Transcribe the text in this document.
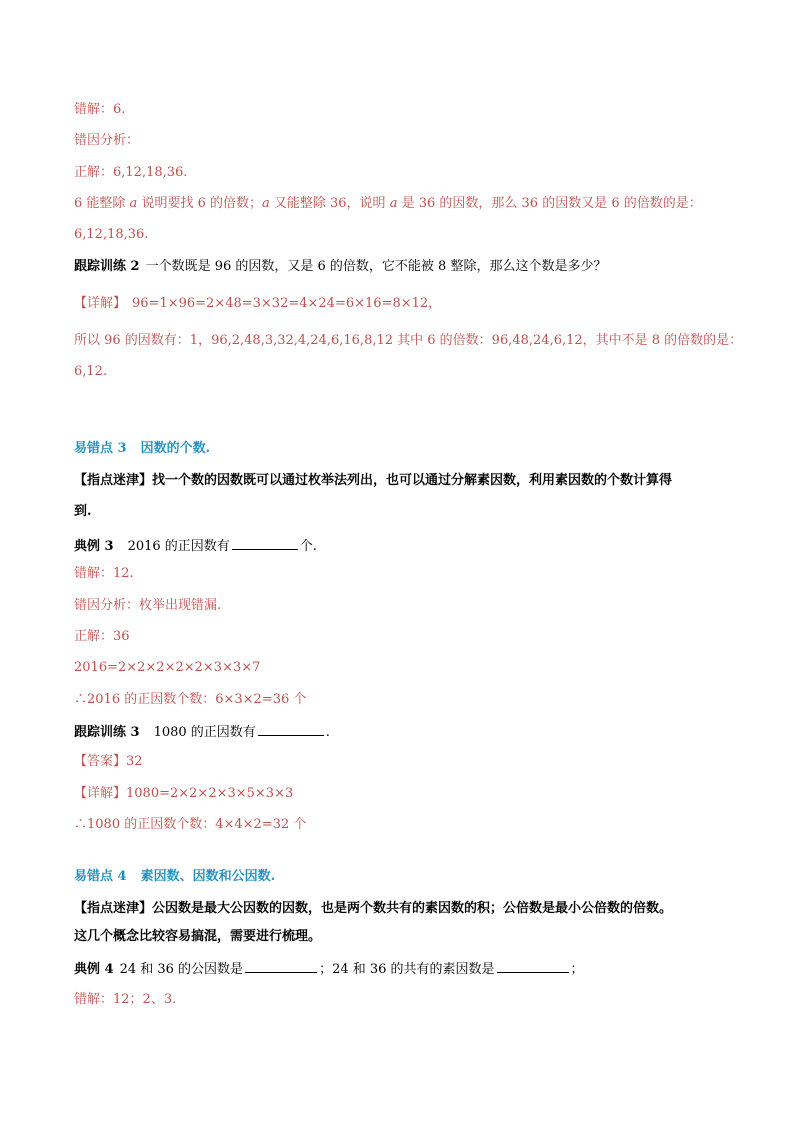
错解：6.
错因分析：
正解：6,12,18,36.
6 能整除 a 说明要找 6 的倍数；a 又能整除 36，说明 a 是 36 的因数，那么 36 的因数又是 6 的倍数的是：
6,12,18,36.
跟踪训练 2 一个数既是 96 的因数，又是 6 的倍数，它不能被 8 整除，那么这个数是多少？
【详解】 96=1×96=2×48=3×32=4×24=6×16=8×12，
所以 96 的因数有：1，96,2,48,3,32,4,24,6,16,8,12 其中 6 的倍数：96,48,24,6,12，其中不是 8 的倍数的是：
6,12.
易错点 3 因数的个数.
【指点迷津】找一个数的因数既可以通过枚举法列出，也可以通过分解素因数，利用素因数的个数计算得
到.
典例 3 2016 的正因数有	个.
错解：12.
错因分析：枚举出现错漏.
正解：36
2016=2×2×2×2×2×3×3×7
∴2016 的正因数个数：6×3×2=36 个
跟踪训练 3 1080 的正因数有	.
【答案】32
【详解】1080=2×2×2×3×5×3×3
∴1080 的正因数个数：4×4×2=32 个
易错点 4 素因数、因数和公因数.
【指点迷津】公因数是最大公因数的因数，也是两个数共有的素因数的积；公倍数是最小公倍数的倍数。
这几个概念比较容易搞混，需要进行梳理。
典例 4 24 和 36 的公因数是	；24 和 36 的共有的素因数是	；
错解：12；2、3.
